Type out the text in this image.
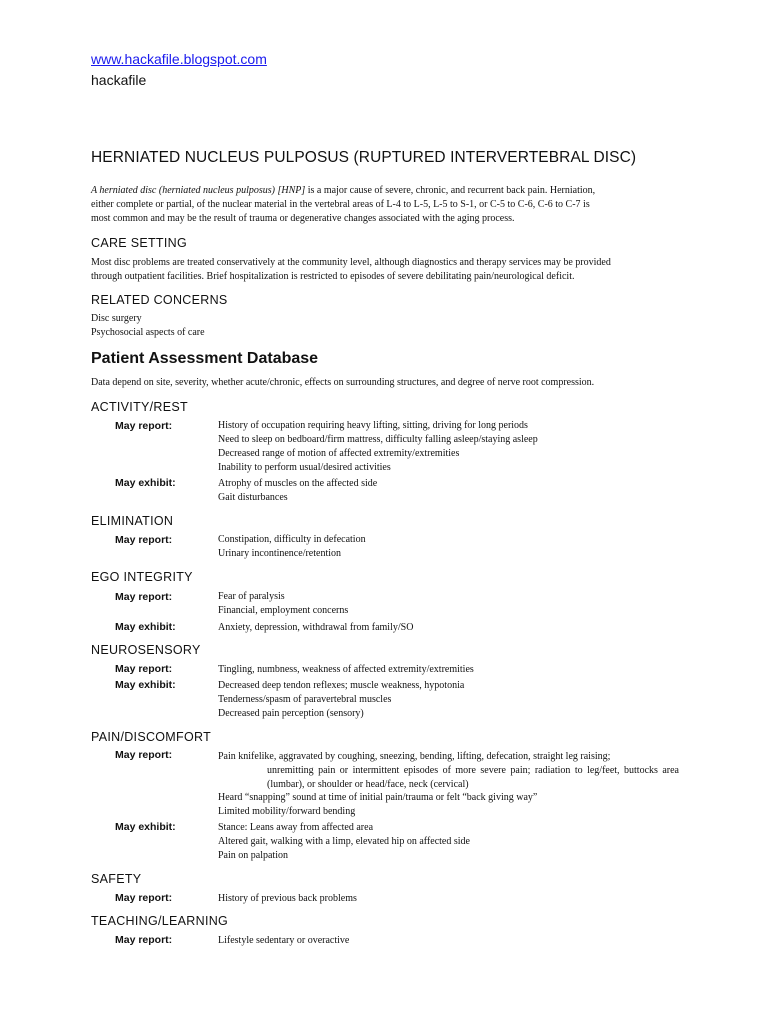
www.hackafile.blogspot.com
hackafile
HERNIATED NUCLEUS PULPOSUS (RUPTURED INTERVERTEBRAL DISC)
A herniated disc (herniated nucleus pulposus) [HNP] is a major cause of severe, chronic, and recurrent back pain. Herniation,
either complete or partial, of the nuclear material in the vertebral areas of L-4 to L-5, L-5 to S-1, or C-5 to C-6, C-6 to C-7 is
most common and may be the result of trauma or degenerative changes associated with the aging process.
CARE SETTING
Most disc problems are treated conservatively at the community level, although diagnostics and therapy services may be provided
through outpatient facilities. Brief hospitalization is restricted to episodes of severe debilitating pain/neurological deficit.
RELATED CONCERNS
Disc surgery
Psychosocial aspects of care
Patient Assessment Database
Data depend on site, severity, whether acute/chronic, effects on surrounding structures, and degree of nerve root compression.
ACTIVITY/REST
May report:	History of occupation requiring heavy lifting, sitting, driving for long periods
Need to sleep on bedboard/firm mattress, difficulty falling asleep/staying asleep
Decreased range of motion of affected extremity/extremities
Inability to perform usual/desired activities
May exhibit:	Atrophy of muscles on the affected side
Gait disturbances
ELIMINATION
May report:	Constipation, difficulty in defecation
Urinary incontinence/retention
EGO INTEGRITY
May report:	Fear of paralysis
Financial, employment concerns
May exhibit:	Anxiety, depression, withdrawal from family/SO
NEUROSENSORY
May report:	Tingling, numbness, weakness of affected extremity/extremities
May exhibit:	Decreased deep tendon reflexes; muscle weakness, hypotonia
Tenderness/spasm of paravertebral muscles
Decreased pain perception (sensory)
PAIN/DISCOMFORT
May report:	Pain knifelike, aggravated by coughing, sneezing, bending, lifting, defecation, straight leg raising;
unremitting pain or intermittent episodes of more severe pain; radiation to leg/feet, buttocks area (lumbar), or shoulder or head/face, neck (cervical)
Heard “snapping” sound at time of initial pain/trauma or felt “back giving way”
Limited mobility/forward bending
May exhibit:	Stance: Leans away from affected area
Altered gait, walking with a limp, elevated hip on affected side
Pain on palpation
SAFETY
May report:	History of previous back problems
TEACHING/LEARNING
May report:	Lifestyle sedentary or overactive
